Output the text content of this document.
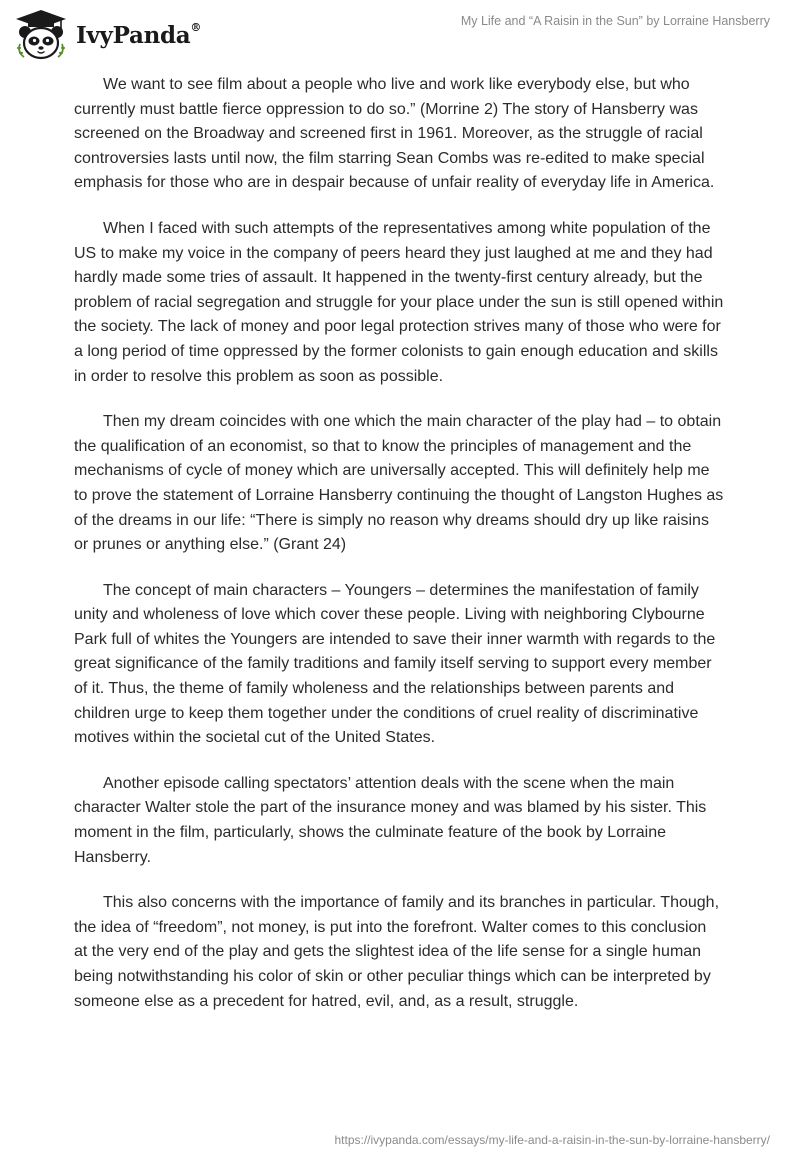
IvyPanda®	My Life and “A Raisin in the Sun” by Lorraine Hansberry

We want to see film about a people who live and work like everybody else, but who currently must battle fierce oppression to do so.” (Morrine 2) The story of Hansberry was screened on the Broadway and screened first in 1961. Moreover, as the struggle of racial controversies lasts until now, the film starring Sean Combs was re-edited to make special emphasis for those who are in despair because of unfair reality of everyday life in America.

When I faced with such attempts of the representatives among white population of the US to make my voice in the company of peers heard they just laughed at me and they had hardly made some tries of assault. It happened in the twenty-first century already, but the problem of racial segregation and struggle for your place under the sun is still opened within the society. The lack of money and poor legal protection strives many of those who were for a long period of time oppressed by the former colonists to gain enough education and skills in order to resolve this problem as soon as possible.

Then my dream coincides with one which the main character of the play had – to obtain the qualification of an economist, so that to know the principles of management and the mechanisms of cycle of money which are universally accepted. This will definitely help me to prove the statement of Lorraine Hansberry continuing the thought of Langston Hughes as of the dreams in our life: “There is simply no reason why dreams should dry up like raisins or prunes or anything else.” (Grant 24)

The concept of main characters – Youngers – determines the manifestation of family unity and wholeness of love which cover these people. Living with neighboring Clybourne Park full of whites the Youngers are intended to save their inner warmth with regards to the great significance of the family traditions and family itself serving to support every member of it. Thus, the theme of family wholeness and the relationships between parents and children urge to keep them together under the conditions of cruel reality of discriminative motives within the societal cut of the United States.

Another episode calling spectators’ attention deals with the scene when the main character Walter stole the part of the insurance money and was blamed by his sister. This moment in the film, particularly, shows the culminate feature of the book by Lorraine Hansberry.

This also concerns with the importance of family and its branches in particular. Though, the idea of “freedom”, not money, is put into the forefront. Walter comes to this conclusion at the very end of the play and gets the slightest idea of the life sense for a single human being notwithstanding his color of skin or other peculiar things which can be interpreted by someone else as a precedent for hatred, evil, and, as a result, struggle.

https://ivypanda.com/essays/my-life-and-a-raisin-in-the-sun-by-lorraine-hansberry/
